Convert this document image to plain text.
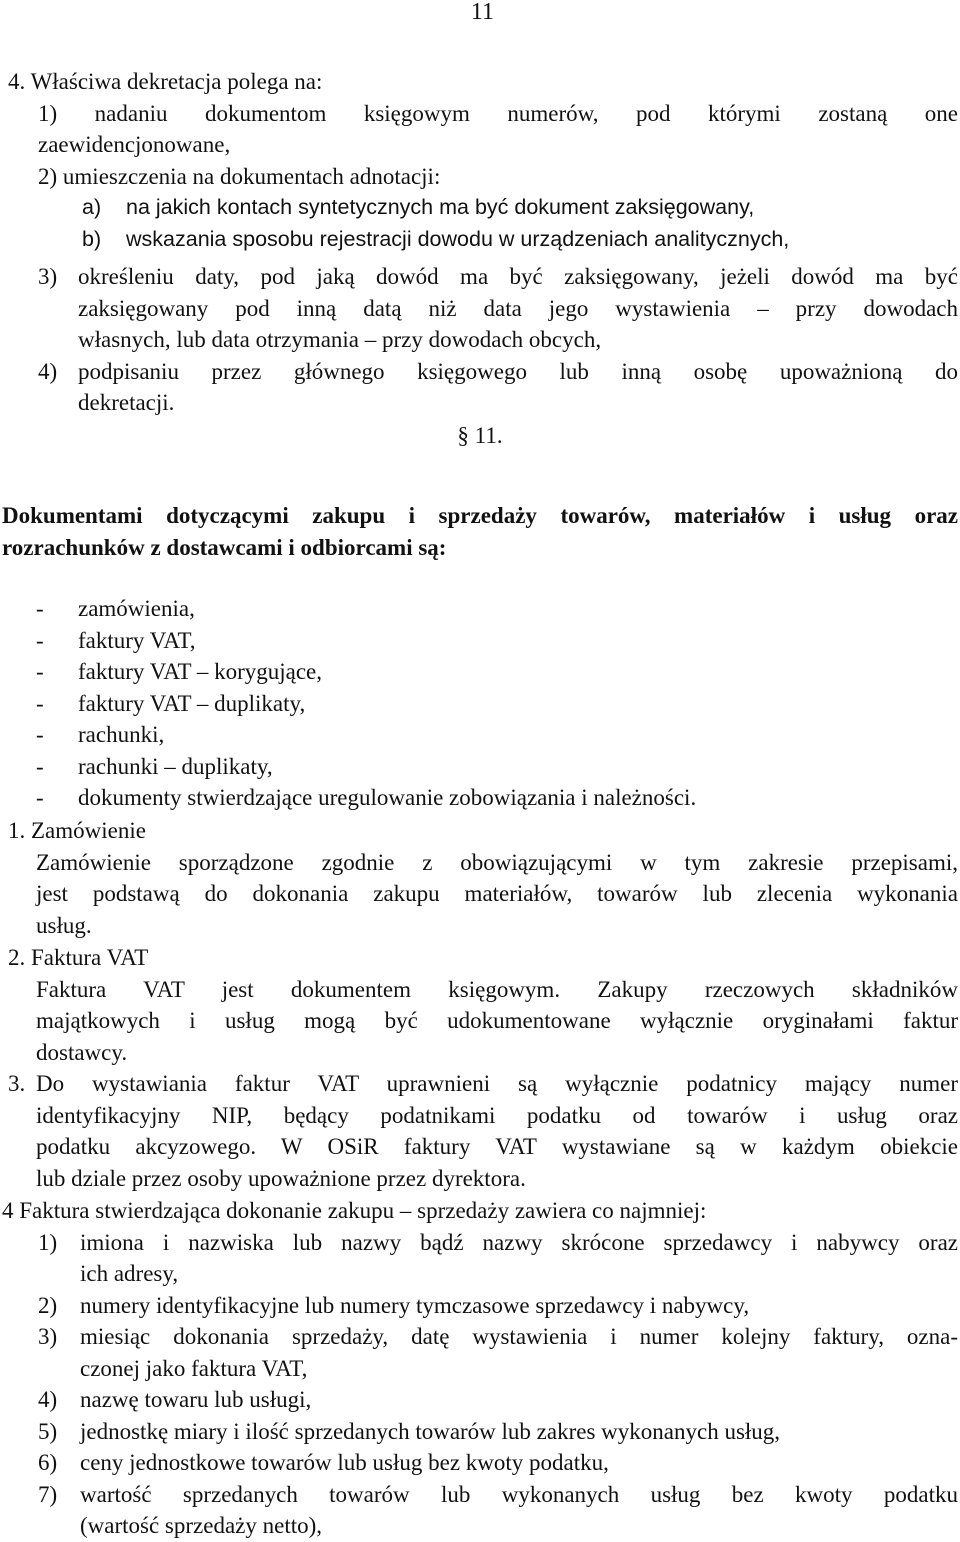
11
4. Właściwa dekretacja polega na:
1) nadaniu dokumentom księgowym numerów, pod którymi zostaną one
zaewidencjonowane,
2) umieszczenia na dokumentach adnotacji:
a)	na jakich kontach syntetycznych ma być dokument zaksięgowany,
b)	wskazania sposobu rejestracji dowodu w urządzeniach analitycznych,
3) określeniu daty, pod jaką dowód ma być zaksięgowany, jeżeli dowód ma być
zaksięgowany pod inną datą niż data jego wystawienia – przy dowodach
własnych, lub data otrzymania – przy dowodach obcych,
4) podpisaniu przez głównego księgowego lub inną osobę upoważnioną do
dekretacji.
§ 11.
Dokumentami dotyczącymi zakupu i sprzedaży towarów, materiałów i usług oraz
rozrachunków z dostawcami i odbiorcami są:
-	zamówienia,
-	faktury VAT,
-	faktury VAT – korygujące,
-	faktury VAT – duplikaty,
-	rachunki,
-	rachunki – duplikaty,
-	dokumenty stwierdzające uregulowanie zobowiązania i należności.
1. Zamówienie
Zamówienie sporządzone zgodnie z obowiązującymi w tym zakresie przepisami,
jest podstawą do dokonania zakupu materiałów, towarów lub zlecenia wykonania
usług.
2. Faktura VAT
Faktura VAT jest dokumentem księgowym. Zakupy rzeczowych składników
majątkowych i usług mogą być udokumentowane wyłącznie oryginałami faktur
dostawcy.
3. Do wystawiania faktur VAT uprawnieni są wyłącznie podatnicy mający numer
identyfikacyjny NIP, będący podatnikami podatku od towarów i usług oraz
podatku akcyzowego. W OSiR faktury VAT wystawiane są w każdym obiekcie
lub dziale przez osoby upoważnione przez dyrektora.
4 Faktura stwierdzająca dokonanie zakupu – sprzedaży zawiera co najmniej:
1) imiona i nazwiska lub nazwy bądź nazwy skrócone sprzedawcy i nabywcy oraz
ich adresy,
2) numery identyfikacyjne lub numery tymczasowe sprzedawcy i nabywcy,
3) miesiąc dokonania sprzedaży, datę wystawienia i numer kolejny faktury, ozna-
czonej jako faktura VAT,
4) nazwę towaru lub usługi,
5) jednostkę miary i ilość sprzedanych towarów lub zakres wykonanych usług,
6) ceny jednostkowe towarów lub usług bez kwoty podatku,
7) wartość sprzedanych towarów lub wykonanych usług bez kwoty podatku
(wartość sprzedaży netto),
